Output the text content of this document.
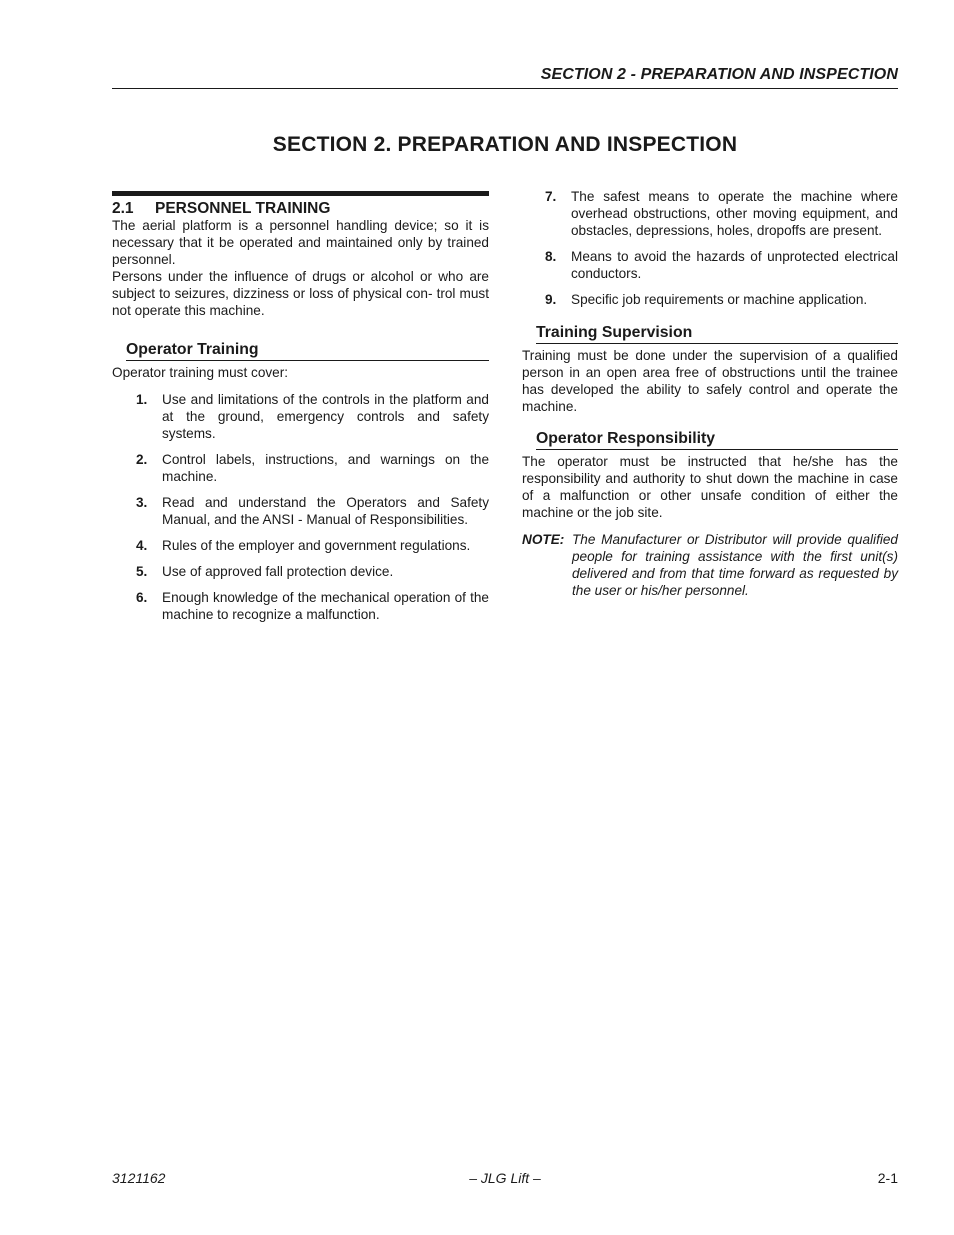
SECTION 2 - PREPARATION AND INSPECTION
SECTION 2. PREPARATION AND INSPECTION
2.1	PERSONNEL TRAINING

The aerial platform is a personnel handling device; so it is necessary that it be operated and maintained only by trained personnel.

Persons under the influence of drugs or alcohol or who are subject to seizures, dizziness or loss of physical con- trol must not operate this machine.

Operator Training

Operator training must cover:

1.	Use and limitations of the controls in the platform and at the ground, emergency controls and safety systems.
2.	Control labels, instructions, and warnings on the machine.
3.	Read and understand the Operators and Safety Manual, and the ANSI - Manual of Responsibilities.
4.	Rules of the employer and government regulations.
5.	Use of approved fall protection device.
6.	Enough knowledge of the mechanical operation of the machine to recognize a malfunction.
7.	The safest means to operate the machine where overhead obstructions, other moving equipment, and obstacles, depressions, holes, dropoffs are present.
8.	Means to avoid the hazards of unprotected electrical conductors.
9.	Specific job requirements or machine application.
Training Supervision

Training must be done under the supervision of a qualified person in an open area free of obstructions until the trainee has developed the ability to safely control and operate the machine.

Operator Responsibility

The operator must be instructed that he/she has the responsibility and authority to shut down the machine in case of a malfunction or other unsafe condition of either the machine or the job site.

NOTE: The Manufacturer or Distributor will provide qualified people for training assistance with the first unit(s) delivered and from that time forward as requested by the user or his/her personnel.
3121162	– JLG Lift –	2-1
